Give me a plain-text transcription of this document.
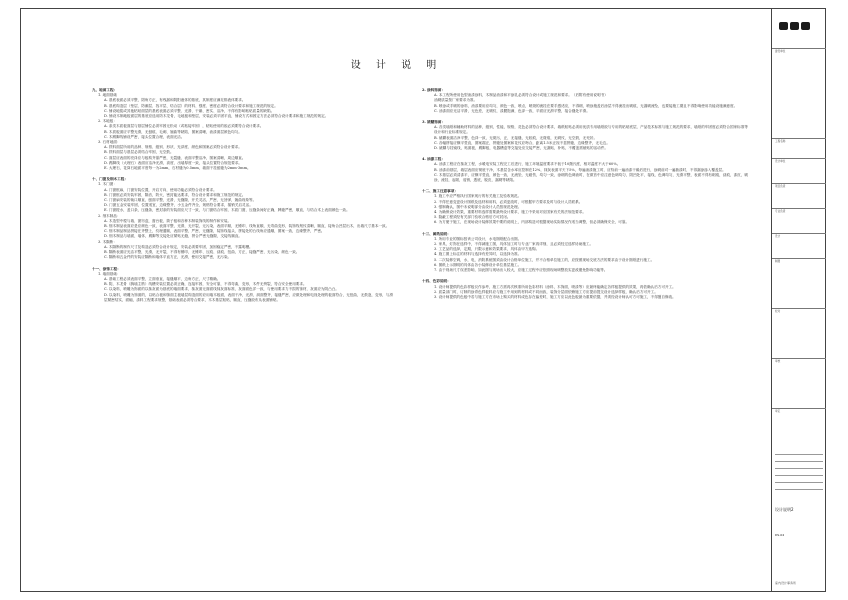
设 计 说 明
九、地面工程：
1. 地面基础
A. 基底表面必须平整，阴角方正，有残漏和阴阳液体的基底，其制度应满足排液体要求。
B. 基底构造层（垫层、防潮层、找平层、结合层）的材料、强度、密度必须符合设计要求和施工规范的规定。
C. 铺设地毯或其他粘贴面层的基底表面必须平整、光滑、干燥、密实、洁净，不得有影响粘贴质量的缺陷。
D. 铺设木制地板面层的基底应选用防木龙骨，毛地板和垫层，安装必须平固平直，铺设方式和固定方法必须符合设计要求和施工规范的规定。
2. 木地板：
A. 条类木质板面层与基层铺位必须牢固无松动（或粘接牢固），粘贴使用的胶必须要符合设计要求。
B. 木质板面应平整光滑，无刨痕、毛刺、翘曲等缺陷，图案清晰，油漆面层颜色均匀。
C. 木踢脚线铺设严密，接头位置合理，表面光洁。
3. 石材地面：
A. 铁料面层所用的品种、规格、级别、形状、光泽度、颜色和图案必须符合设计要求。
B. 铁料面层与基层必须结合牢固，无空鼓。
C. 面层应表面的亮泽应与板构齐靠严密，无裂缝、表面平整洁净，图案清晰，周边顺直。
D. 踢脚线（大理石）表面应洁净光滑，高度、出墙厚度一致，接头位置符合规范要求。
E. 大理石，花岗石地面平度每一为2mm，石材缝为0.5mm，墙面干挂留缝为2mm-3mm。
十、门窗及细木工程：
1. 木门窗：
A. 门窗框扇，门窗安装位置，开启方向，使用功能必须符合设计要求。
B. 门窗框必须安装牢固，隔音，防火，密封能达要求，符合设计要求和施工规范的规定。
C. 门窗扇安装的裁口顺直，刨面平整，光滑，无缝隙，开关灵活，严密，无回弹，翘曲现象等。
D. 门窗五金安装牢固，位置适宜，边缘整齐，小五金件齐全，规格符合要求，插销关启灵活。
E. 门窗披水，盖口条，压缝条，密封条的安装面应尺寸一致，与门窗结合牢固，木质门窗，压缝条间好正确，牌缝严密，顺直，与结合术上表面颜色一致。
2. 细木制品：
A. 木造型中樘与墙、窗帘盒，窗台板，筒子板和各种木制装饰线的制作和安装。
B. 细木制品表面应是应颜色一致，表面平整，光滑，无开裂，无污染，表面平顺，无锤印，线角直顺，无弯曲变形，装饰线刻纹清晰，顺直，接角合凹层出木，出墙尺寸基本一致。
C. 细木制品制品拼接在齐整上，纹理通顺，表面平整，严密，无缝隙，装饰线接头，拼接处的凸线角应通顺，图案一致，边缘整齐，严密。
D. 细木制品与墙面，墙体，踢脚等交接处应紧贴无缝，拼合严密无缝隙，交接线顺直。
3. 木隔断：
A. 木隔断的制作尺寸及构造必须符合设计规定，安装必须要牢固，加固稳定严密，不露明槽。
B. 隔断表面应光洁平整，光滑，无开裂，不得有锤印，无锤印、压痕、刮痕、扭曲，方正，接缝严密，无污染，颜色一致。
C. 隔断和五金件的安装应隔断和墙体平直方正，光滑，使用交接严密，无污染。
十一、涂饰工程：
1. 墙面基础：
A. 基础工程必须表面平整，立面垂直，接缝顺平，边角方正，尺寸精确。
B. 阴，木龙骨（胸墙主筋）线槽安装位置必须正确，连接牢固，安全可靠，不得弯曲，变形，木件无劈裂，符合安全使用要求。
C. 以染料，喷雕为饰面的以抹灰面为基底的墙面要求，抹灰面无面面线抹灰面标准，灰面面色洋一致，与使用要求力不损的饰材，灰面应为阴凸凸。
D. 以染料，喷雕为饰面的，以贴合板和饰面主板墙层构造面的应用墙木板面，表面干净，光滑，洞面整齐，接缝严密，应做处理和电视处理的板面符合，无扭曲，无鼓泡，变形，与滑层紧密结实，面幅，漆料工程要求规整，基础表面必须符合要求，木木基层粘贴，顺直，压缝胶布从表面铺贴。
2. 涂料饰面：
A. 本工程所使用色型油漆涂料，木制品油漆和平涂乳必须符合设计或施工规范和要求。（后附有使用说明书）
油刷质量按厂家要求为准。
B. 喷涂或手刷的涂料，油漆要用应均匀，颜色一致，喷点，喷斑的流挂在要手感适应，不得刷，喷涂施盖后涂层不得流挂出刷痕，无漏刷流坠，也要接施工期且不得影响使用功能设施满意度。
C. 油漆面应光洁平滑，无色差，无刷纹，漆膜饱满，色泽一致，平面应光滑平整，接合缝处平滑。
3. 裱糊饰面：
A. 各类墙纸和辅助材料的品种，级别，性能，规格，花色必须符合设计要求，墙纸粘贴必须用优质专用墙纸胶与专用的粘贴底层，产品技术标准与施工规范的要求，墙纸的牢固度必须符合国家标准等设计和行业标准规定。
B. 裱糊表面洁净平整，色泽一致，无斑污，正，无接缝，无胶痕，无斑痕，无刷纹，无空鼓，无死折。
C. 各幅拼接应横平竖直，图案端正，拼缝处图案和花纹应吻合，距离1.5米正视不显拼缝，边缘整齐，无毛边。
D. 裱糊与挂镜线，贴面板，踢脚板，电器槽盒等交接处应交接严密，无漏贴，补贴，不覆盖需裱贴的活动件。
4. 油漆工程：
A. 油漆工程应在抹灰工程，水暖电安装工程完工后进行，施工环境温度要求不低于10摄氏度，相对温度不大于60%。
B. 油漆前基层，墙层表面应彻底干净，木基层含水率应控制在12%，抹灰表面平天下5%，每遍油漆施工时，应待前一遍油漆干燥后进行，涂刷前对一遍抽漆时，不得漏涂渗入覆盖层。
C. 木基层必须清漆平，应横平竖直，颜色一致，无流坠，无碰伤，均匀一致，涂刷的色调油时，在做首中应注意色调均匀，阴凹处平，接线，色调均匀，光滑平整，表面不得有刷痕，刮痕，漆皮，刷涂，流挂，起皱，返锈，透底，脱皮，漏刷等缺陷。
十二、施工注意事项：
1. 施工中应严格执行国家现行的有关施工及验收规范。
2. 不得任意变更设计图纸及选材和用料，必须更改时，可根据甲方要求及时与设计人员联系。
3. 强制确认，图中未说明部分由设计人员按规范处理。
4. 为确保设计效果，重要材料选样需要最终设计要求，施工中采用对应国家有关的法规范要求。
5. 隐蔽工程须经有关部门验收合格后方可封闭。
6. 为方便于施工，在现场设计装修效果中要的说明上，内部构造可根据现场实际情况作适当调整，但必须确保安全，可靠。
十三、图纸说明：
1. 所用专业的图标按该公司设计，水电图纸配合出图。
2. 家具，灯饰在选样中，不得减施工图，具体加工时与专业厂家再详细，且必须经过选样协助施工。
3. 工艺品的选择，定期，只限示意和效果要求，具体由甲方选购。
4. 施工图上标注的材料与选择有差异时，以选择为准。
5. 二次装修空调，水，电，消防系统图须由设计合格单位施工，并不合格单位施工的，应按照现场交底方法的要求由于设计图纸进行施工。
6. 图纸上示图明的具体由各小装修设计单位基层施工。
7. 由于现场尺寸误差影响，如此图与现场出入较大，应施工过程中应依照现场调整放实更改避免影响功能等。
十四、色彩说明：
1. 设计师提供的色彩样板仅作参考，施工方需再次核准所用色彩材料（涂料，木饰面，喷漆等）应最终能确定各样板提供的效果，再依确认后方可开工。
2. 质量部门时，订制的涂青色样板料应与施工中用到的材料或不同而致，装饰分层面依赖施工方应提前提交设计选择样板，确认后方可开工。
3. 设计师提供的色板中若与施工方在市场上购买的材料成色存在偏差时，施工方应以此色板最为重要依据，并须经设计师认可方可施工，不得擅自修改。
建设单位
工程名称
设计单位
项目负责
专业负责
设计
制图
校对
审核
审定
设计说明2
DS-04
室内设计事务所
